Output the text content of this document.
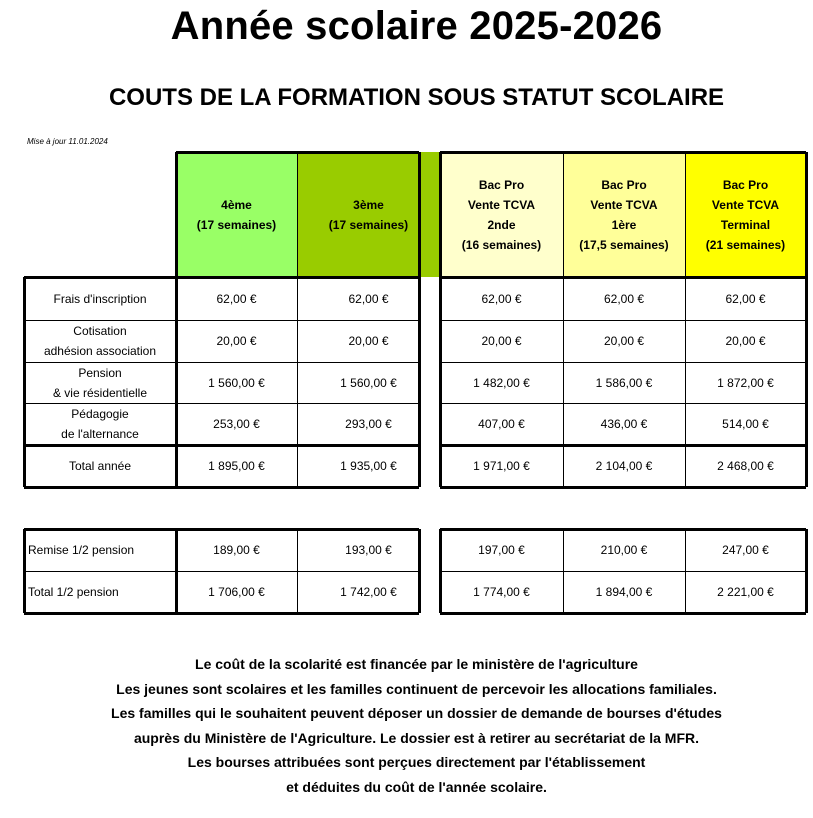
Année scolaire 2025-2026
COUTS DE LA FORMATION SOUS STATUT SCOLAIRE
Mise à jour 11.01.2024
4ème
(17 semaines)
3ème
(17 semaines)
Bac Pro
Vente TCVA
2nde
(16 semaines)
Bac Pro
Vente TCVA
1ère
(17,5 semaines)
Bac Pro
Vente TCVA
Terminal
(21 semaines)
Frais d'inscription	62,00 €	62,00 €	62,00 €	62,00 €	62,00 €
Cotisation
adhésion association
20,00 €	20,00 €	20,00 €	20,00 €	20,00 €
Pension
& vie résidentielle
1 560,00 €	1 560,00 €	1 482,00 €	1 586,00 €	1 872,00 €
Pédagogie
de l'alternance
253,00 €	293,00 €	407,00 €	436,00 €	514,00 €
Total année	1 895,00 €	1 935,00 €	1 971,00 €	2 104,00 €	2 468,00 €
Remise 1/2 pension	189,00 €	193,00 €	197,00 €	210,00 €	247,00 €
Total 1/2 pension	1 706,00 €	1 742,00 €	1 774,00 €	1 894,00 €	2 221,00 €
Le coût de la scolarité est financée par le ministère de l'agriculture
Les jeunes sont scolaires et les familles continuent de percevoir les allocations familiales.
Les familles qui le souhaitent peuvent déposer un dossier de demande de bourses d'études
auprès du Ministère de l'Agriculture. Le dossier est à retirer au secrétariat de la MFR.
Les bourses attribuées sont perçues directement par l'établissement
et déduites du coût de l'année scolaire.
